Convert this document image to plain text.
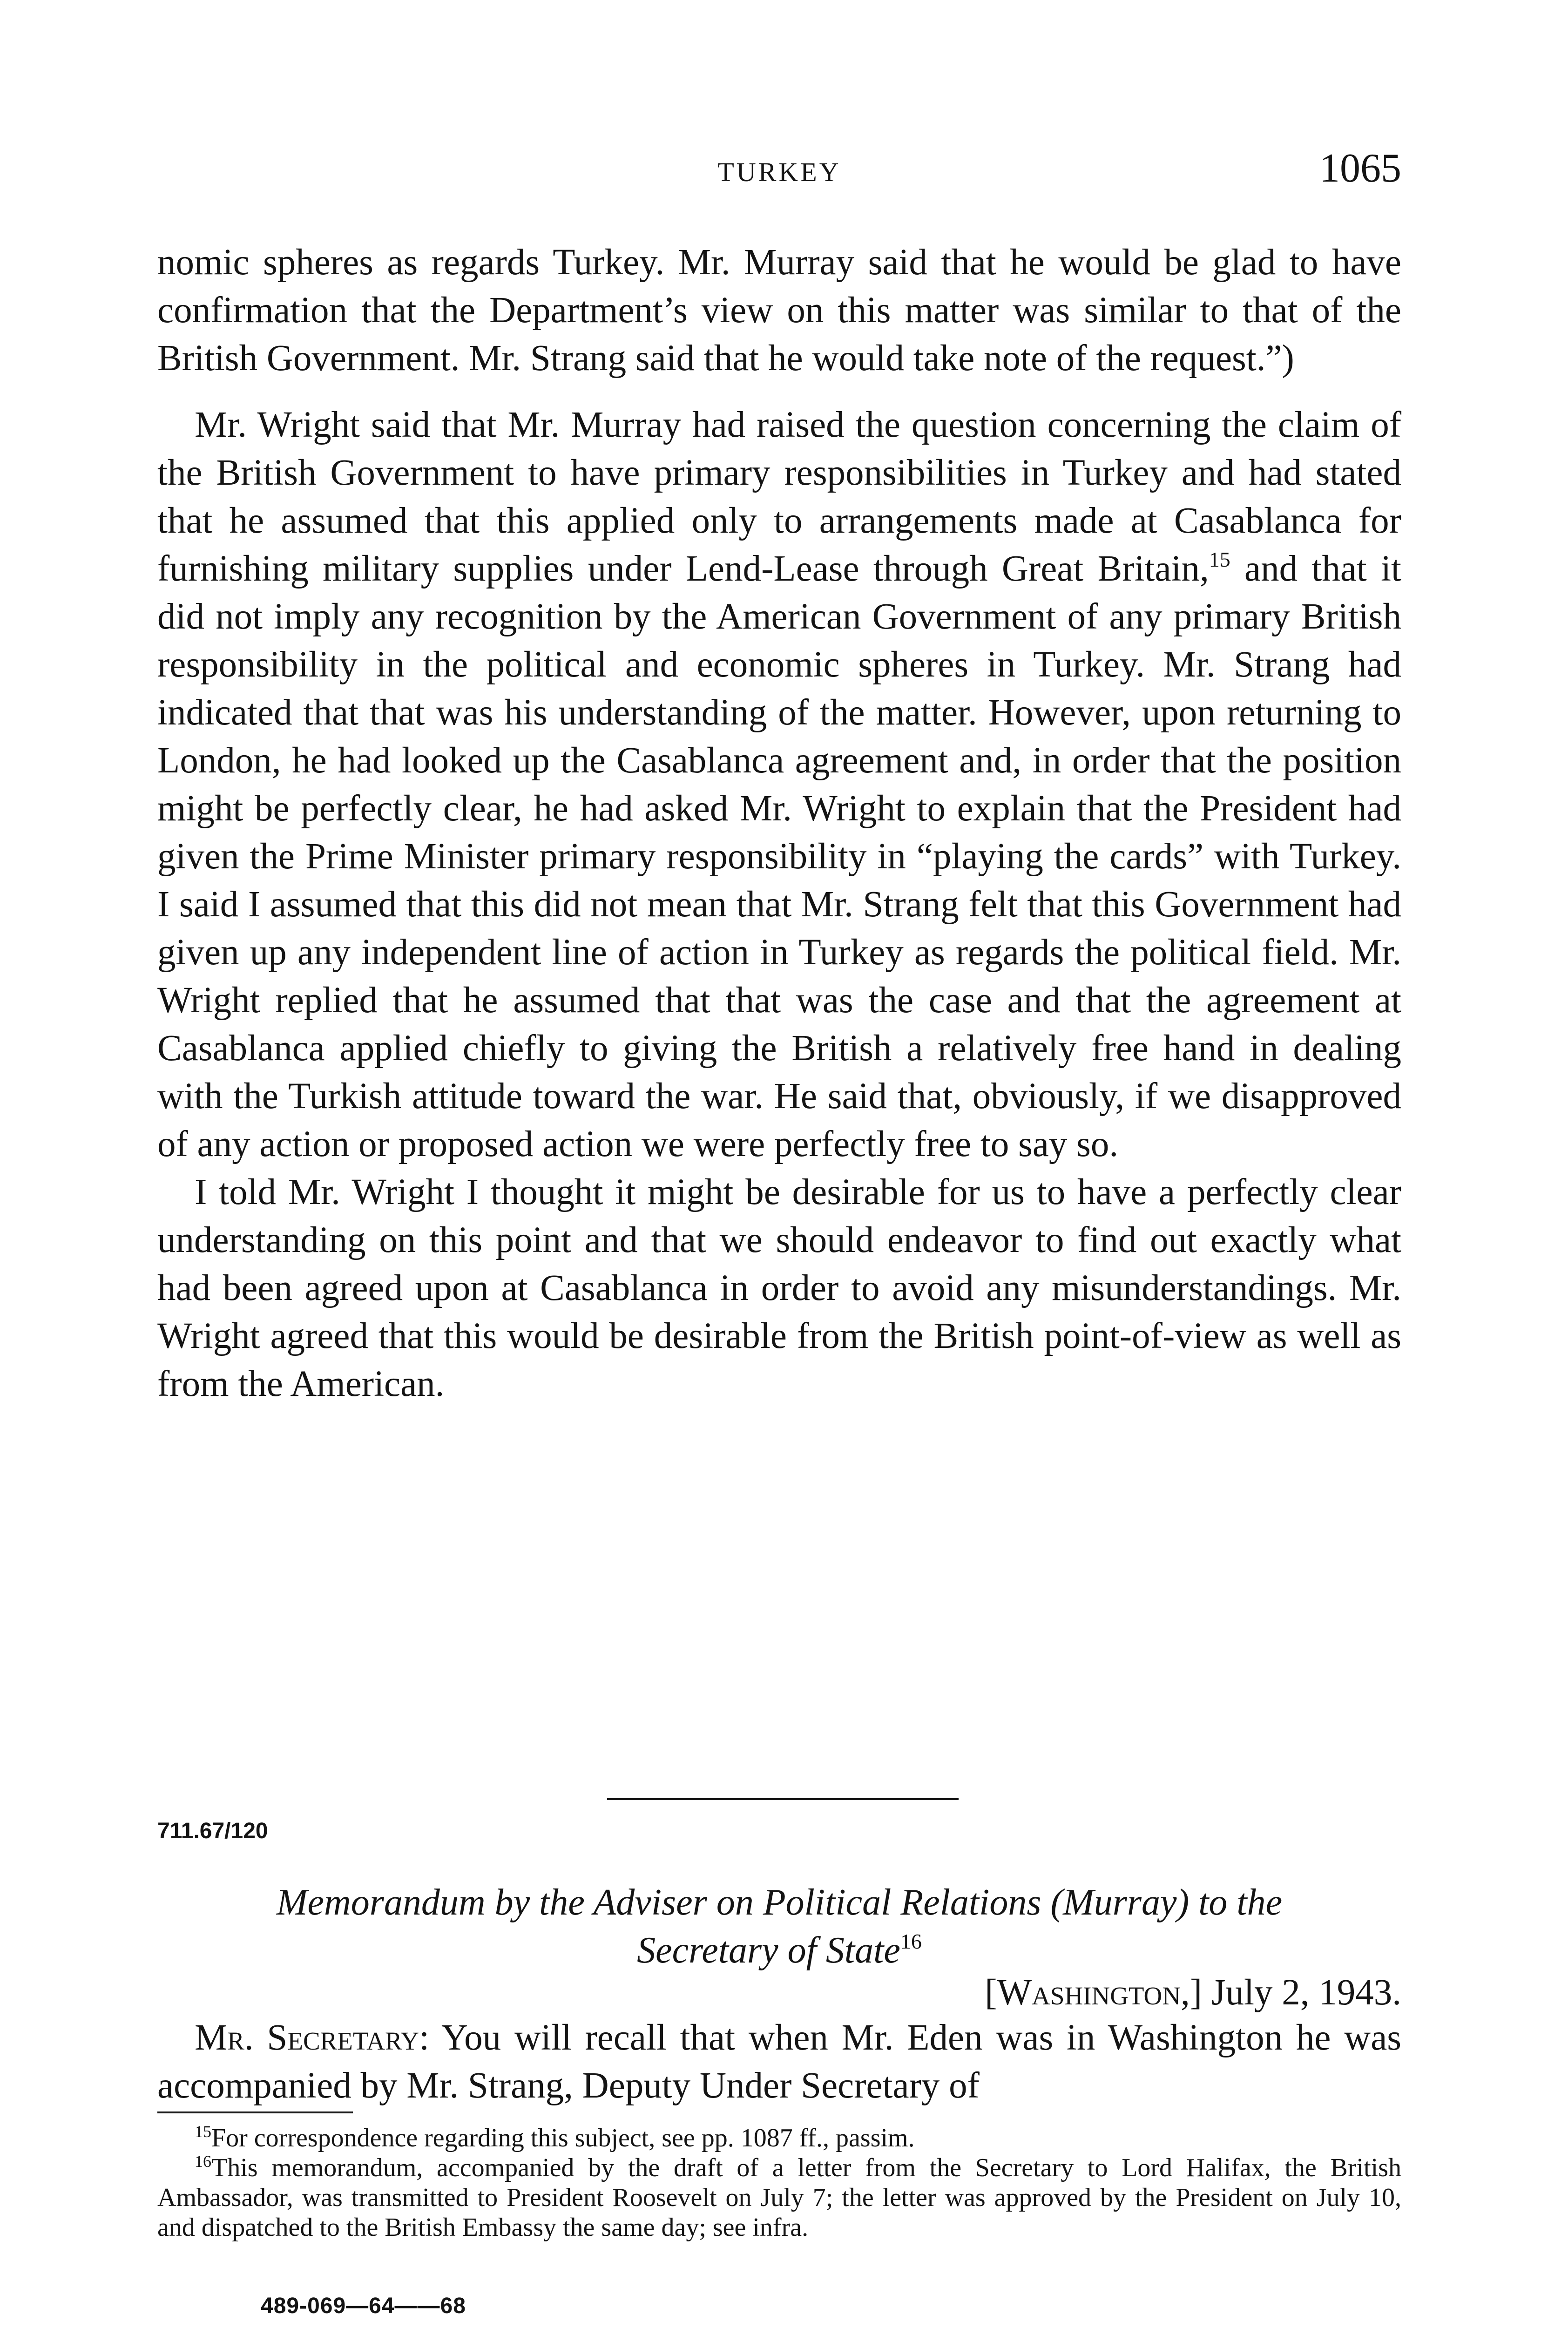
TURKEY	1065

nomic spheres as regards Turkey. Mr. Murray said that he would be glad to have confirmation that the Department’s view on this matter was similar to that of the British Government. Mr. Strang said that he would take note of the request.”)

Mr. Wright said that Mr. Murray had raised the question concerning the claim of the British Government to have primary responsibilities in Turkey and had stated that he assumed that this applied only to arrangements made at Casablanca for furnishing military supplies under Lend-Lease through Great Britain,$^{15}$ and that it did not imply any recognition by the American Government of any primary British responsibility in the political and economic spheres in Turkey. Mr. Strang had indicated that that was his understanding of the matter. However, upon returning to London, he had looked up the Casablanca agreement and, in order that the position might be perfectly clear, he had asked Mr. Wright to explain that the President had given the Prime Minister primary responsibility in “playing the cards” with Turkey. I said I assumed that this did not mean that Mr. Strang felt that this Government had given up any independent line of action in Turkey as regards the political field. Mr. Wright replied that he assumed that that was the case and that the agreement at Casablanca applied chiefly to giving the British a relatively free hand in dealing with the Turkish attitude toward the war. He said that, obviously, if we disapproved of any action or proposed action we were perfectly free to say so.

I told Mr. Wright I thought it might be desirable for us to have a perfectly clear understanding on this point and that we should endeavor to find out exactly what had been agreed upon at Casablanca in order to avoid any misunderstandings. Mr. Wright agreed that this would be desirable from the British point-of-view as well as from the American.

711.67/120
Memorandum by the Adviser on Political Relations (Murray) to the
Secretary of State$^{16}$
[Washington,] July 2, 1943.

Mr. Secretary: You will recall that when Mr. Eden was in Washington he was accompanied by Mr. Strang, Deputy Under Secretary of

$^{15}$For correspondence regarding this subject, see pp. 1087 ff., passim.

$^{16}$This memorandum, accompanied by the draft of a letter from the Secretary to Lord Halifax, the British Ambassador, was transmitted to President Roosevelt on July 7; the letter was approved by the President on July 10, and dispatched to the British Embassy the same day; see infra.

489-069—64——68
